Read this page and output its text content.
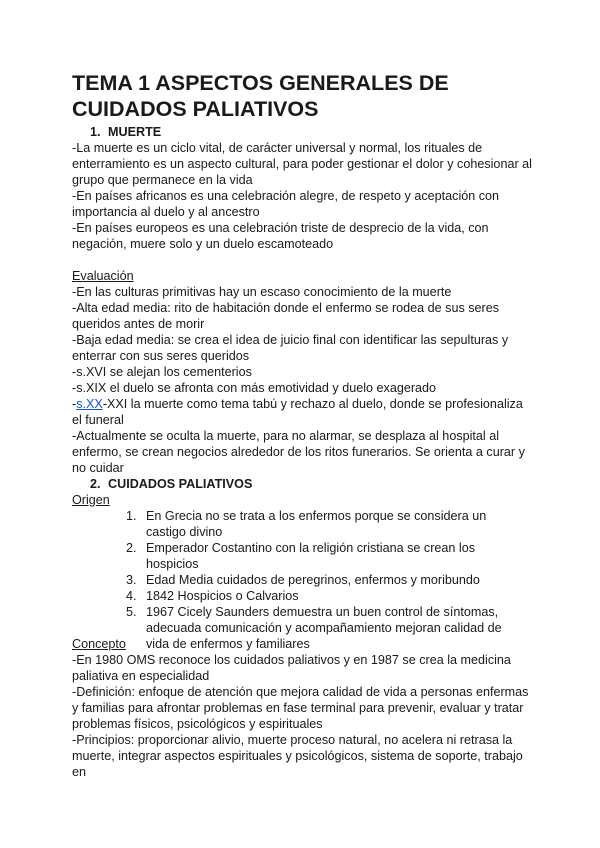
TEMA 1 ASPECTOS GENERALES DE CUIDADOS PALIATIVOS
1. MUERTE

-La muerte es un ciclo vital, de carácter universal y normal, los rituales de enterramiento es un aspecto cultural, para poder gestionar el dolor y cohesionar al grupo que permanece en la vida

-En países africanos es una celebración alegre, de respeto y aceptación con importancia al duelo y al ancestro

-En países europeos es una celebración triste de desprecio de la vida, con negación, muere solo y un duelo escamoteado

Evaluación

-En las culturas primitivas hay un escaso conocimiento de la muerte

-Alta edad media: rito de habitación donde el enfermo se rodea de sus seres queridos antes de morir

-Baja edad media: se crea el idea de juicio final con identificar las sepulturas y enterrar con sus seres queridos

-s.XVI se alejan los cementerios

-s.XIX el duelo se afronta con más emotividad y duelo exagerado

-s.XX-XXI la muerte como tema tabú y rechazo al duelo, donde se profesionaliza el funeral

-Actualmente se oculta la muerte, para no alarmar, se desplaza al hospital al enfermo, se crean negocios alrededor de los ritos funerarios. Se orienta a curar y no cuidar

2. CUIDADOS PALIATIVOS

Origen

1. En Grecia no se trata a los enfermos porque se considera un castigo divino
2. Emperador Costantino con la religión cristiana se crean los hospicios
3. Edad Media cuidados de peregrinos, enfermos y moribundo
4. 1842 Hospicios o Calvarios
5. 1967 Cicely Saunders demuestra un buen control de síntomas, adecuada comunicación y acompañamiento mejoran calidad de vida de enfermos y familiares

Concepto

-En 1980 OMS reconoce los cuidados paliativos y en 1987 se crea la medicina paliativa en especialidad

-Definición: enfoque de atención que mejora calidad de vida a personas enfermas y familias para afrontar problemas en fase terminal para prevenir, evaluar y tratar problemas físicos, psicológicos y espirituales

-Principios: proporcionar alivio, muerte proceso natural, no acelera ni retrasa la muerte, integrar aspectos espirituales y psicológicos, sistema de soporte, trabajo en
